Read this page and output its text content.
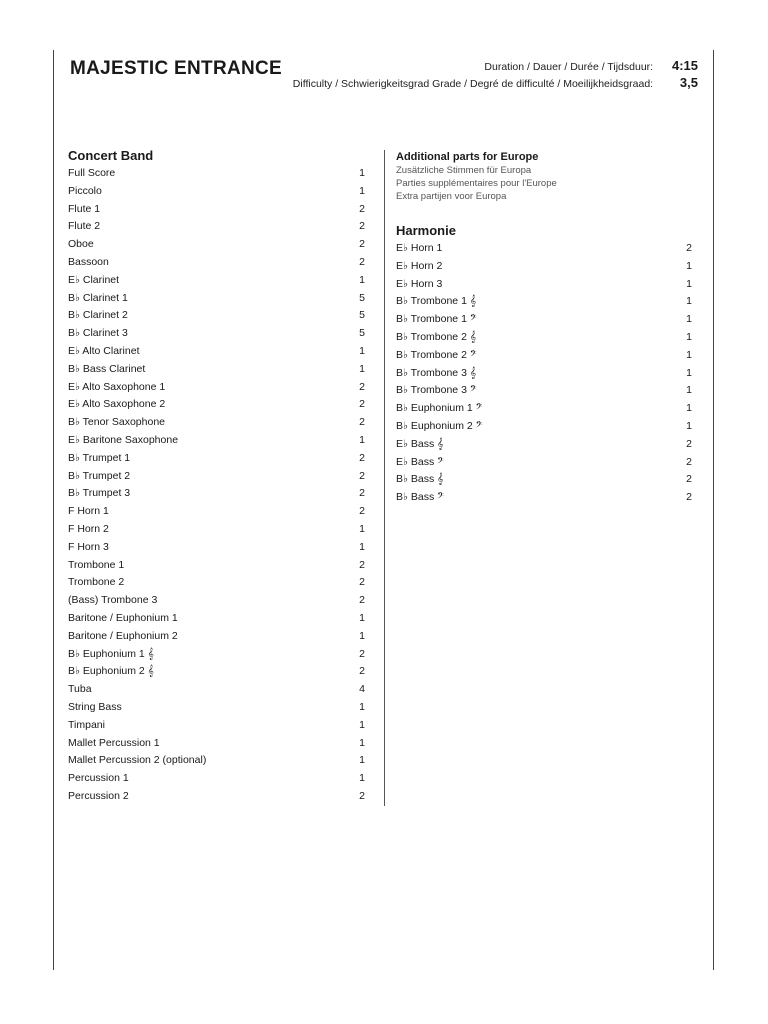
MAJESTIC ENTRANCE	Duration / Dauer / Durée / Tijdsduur: 4:15
Difficulty / Schwierigkeitsgrad Grade / Degré de difficulté / Moeilijkheidsgraad: 3,5
Concert Band
Full Score	1
Piccolo	1
Flute 1	2
Flute 2	2
Oboe	2
Bassoon	2
E♭ Clarinet	1
B♭ Clarinet 1	5
B♭ Clarinet 2	5
B♭ Clarinet 3	5
E♭ Alto Clarinet	1
B♭ Bass Clarinet	1
E♭ Alto Saxophone 1	2
E♭ Alto Saxophone 2	2
B♭ Tenor Saxophone	2
E♭ Baritone Saxophone	1
B♭ Trumpet 1	2
B♭ Trumpet 2	2
B♭ Trumpet 3	2
F Horn 1	2
F Horn 2	1
F Horn 3	1
Trombone 1	2
Trombone 2	2
(Bass) Trombone 3	2
Baritone / Euphonium 1	1
Baritone / Euphonium 2	1
B♭ Euphonium 1 𝄞	2
B♭ Euphonium 2 𝄞	2
Tuba	4
String Bass	1
Timpani	1
Mallet Percussion 1	1
Mallet Percussion 2 (optional)	1
Percussion 1	1
Percussion 2	2
Additional parts for Europe
Zusätzliche Stimmen für Europa
Parties supplémentaires pour l'Europe
Extra partijen voor Europa
Harmonie
E♭ Horn 1	2
E♭ Horn 2	1
E♭ Horn 3	1
B♭ Trombone 1 𝄞	1
B♭ Trombone 1 𝄢	1
B♭ Trombone 2 𝄞	1
B♭ Trombone 2 𝄢	1
B♭ Trombone 3 𝄞	1
B♭ Trombone 3 𝄢	1
B♭ Euphonium 1 𝄢	1
B♭ Euphonium 2 𝄢	1
E♭ Bass 𝄞	2
E♭ Bass 𝄢	2
B♭ Bass 𝄞	2
B♭ Bass 𝄢	2
